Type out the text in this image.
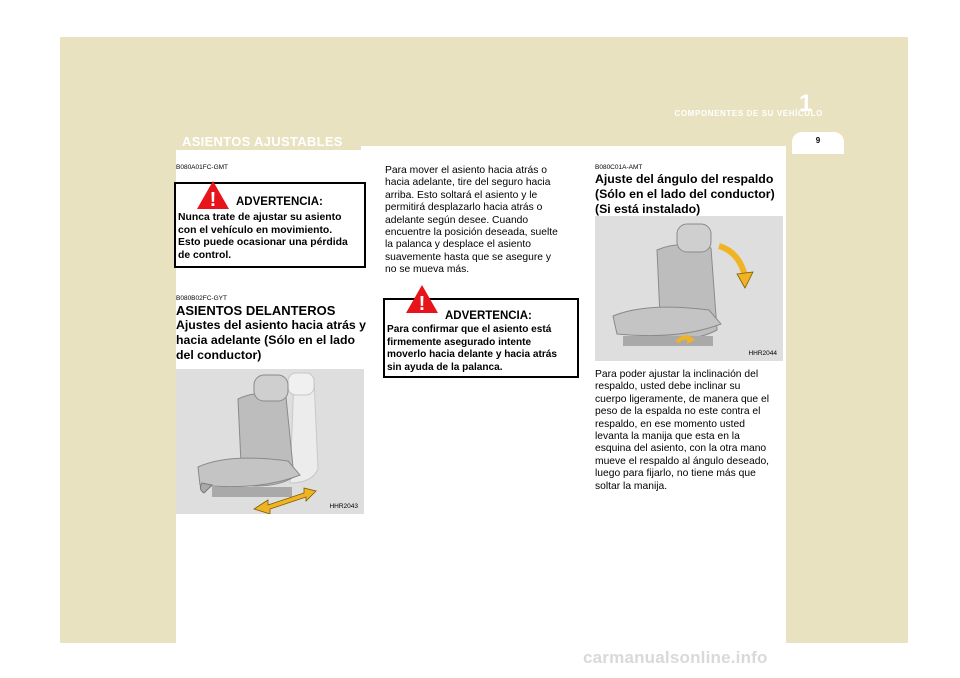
COMPONENTES DE SU VEHÍCULO
1
9
ASIENTOS AJUSTABLES
B080A01FC-GMT
! ADVERTENCIA:
Nunca trate de ajustar su asiento
con el vehículo en movimiento.
Esto puede ocasionar una pérdida
de control.
B080B02FC-GYT
ASIENTOS DELANTEROS
Ajustes del asiento hacia atrás y
hacia adelante (Sólo en el lado
del conductor)
HHR2043
Para mover el asiento hacia atrás o
hacia adelante, tire del seguro hacia
arriba. Esto soltará el asiento y le
permitirá desplazarlo hacia atrás o
adelante según desee. Cuando
encuentre la posición deseada, suelte
la palanca y desplace el asiento
suavemente hasta que se asegure y
no se mueva más.
!
ADVERTENCIA:
Para confirmar que el asiento está
firmemente asegurado intente
moverlo hacia delante y hacia atrás
sin ayuda de la palanca.
B080C01A-AMT
Ajuste del ángulo del respaldo
(Sólo en el lado del conductor)
(Si está instalado)
HHR2044
Para poder ajustar la inclinación del
respaldo, usted debe inclinar su
cuerpo ligeramente, de manera que el
peso de la espalda no este contra el
respaldo, en ese momento usted
levanta la manija que esta en la
esquina del asiento, con la otra mano
mueve el respaldo al ángulo deseado,
luego para fijarlo, no tiene más que
soltar la manija.
carmanualsonline.info
